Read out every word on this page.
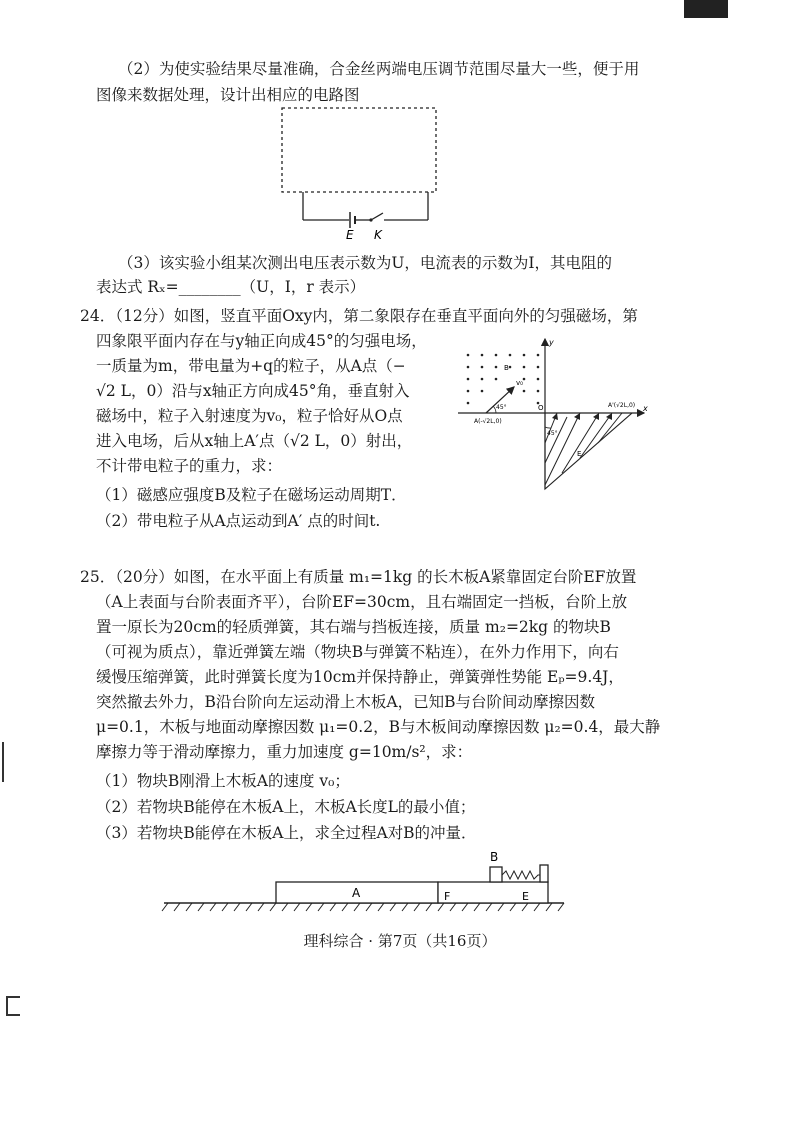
（2）为使实验结果尽量准确，合金丝两端电压调节范围尽量大一些，便于用
图像来数据处理，设计出相应的电路图
E K
（3）该实验小组某次测出电压表示数为U，电流表的示数为I，其电阻的
表达式 Rₓ=________（U，I，r 表示）
24．（12分）如图，竖直平面Oxy内，第二象限存在垂直平面向外的匀强磁场，第
四象限平面内存在与y轴正向成45°的匀强电场，
一质量为m，带电量为+q的粒子，从A点（−
√2 L，0）沿与x轴正方向成45°角，垂直射入
磁场中，粒子入射速度为v₀，粒子恰好从O点
进入电场，后从x轴上A′点（√2 L，0）射出，
不计带电粒子的重力，求：
（1）磁感应强度B及粒子在磁场运动周期T．
（2）带电粒子从A点运动到A′ 点的时间t.
B
y
x
O
v₀
45°
A(-√2L,0)
A'(√2L,0)
45°
E
25．（20分）如图，在水平面上有质量 m₁=1kg 的长木板A紧靠固定台阶EF放置
（A上表面与台阶表面齐平），台阶EF=30cm，且右端固定一挡板，台阶上放
置一原长为20cm的轻质弹簧，其右端与挡板连接，质量 m₂=2kg 的物块B
（可视为质点），靠近弹簧左端（物块B与弹簧不粘连），在外力作用下，向右
缓慢压缩弹簧，此时弹簧长度为10cm并保持静止，弹簧弹性势能 Eₚ=9.4J，
突然撤去外力，B沿台阶向左运动滑上木板A，已知B与台阶间动摩擦因数
μ=0.1，木板与地面动摩擦因数 μ₁=0.2，B与木板间动摩擦因数 μ₂=0.4，最大静
摩擦力等于滑动摩擦力，重力加速度 g=10m/s²，求：
（1）物块B刚滑上木板A的速度 v₀；
（2）若物块B能停在木板A上，木板A长度L的最小值；
（3）若物块B能停在木板A上，求全过程A对B的冲量．
A	F	E
B
理科综合 · 第7页（共16页）
